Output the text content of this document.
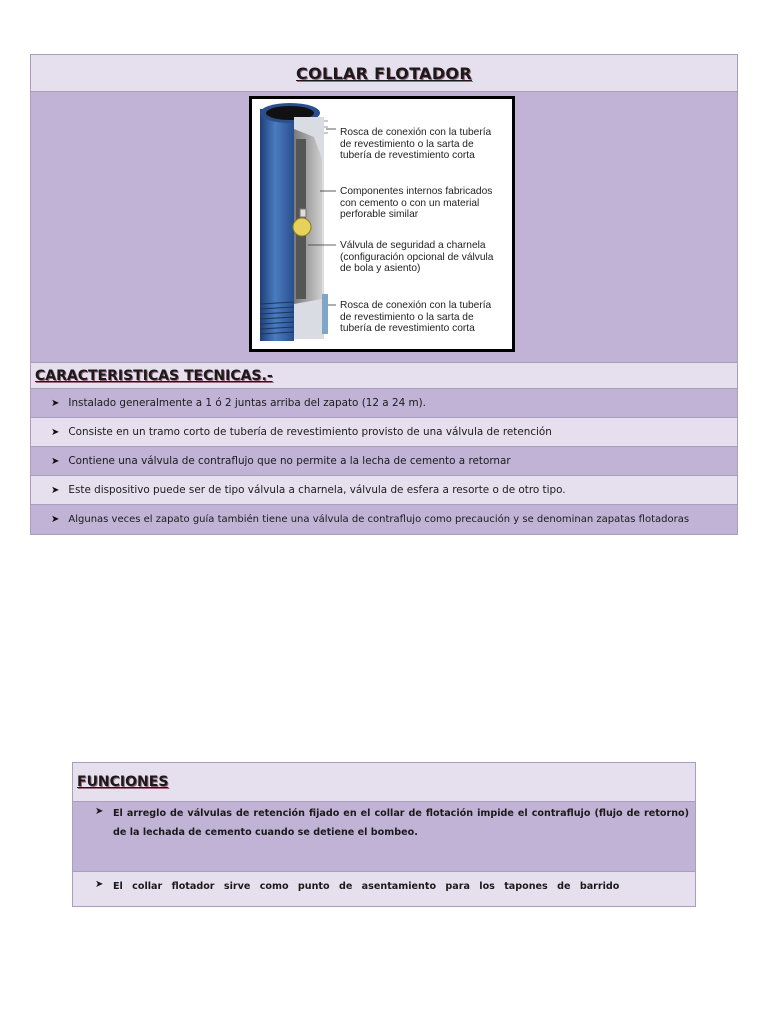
COLLAR FLOTADOR
Rosca de conexión con la tubería
de revestimiento o la sarta de
tubería de revestimiento corta
Componentes internos fabricados
con cemento o con un material
perforable similar
Válvula de seguridad a charnela
(configuración opcional de válvula
de bola y asiento)
Rosca de conexión con la tubería
de revestimiento o la sarta de
tubería de revestimiento corta
CARACTERISTICAS TECNICAS.-
➤ Instalado generalmente a 1 ó 2 juntas arriba del zapato (12 a 24 m).
➤ Consiste en un tramo corto de tubería de revestimiento provisto de una válvula de retención
➤ Contiene una válvula de contraflujo que no permite a la lecha de cemento a retornar
➤ Este dispositivo puede ser de tipo válvula a charnela, válvula de esfera a resorte o de otro tipo.
➤ Algunas veces el zapato guía también tiene una válvula de contraflujo como precaución y se denominan zapatas flotadoras
FUNCIONES
➤ El arreglo de válvulas de retención fijado en el collar de flotación impide el contraflujo (flujo de retorno) de la lechada de cemento cuando se detiene el bombeo.
➤ El collar flotador sirve como punto de asentamiento para los tapones de barrido
